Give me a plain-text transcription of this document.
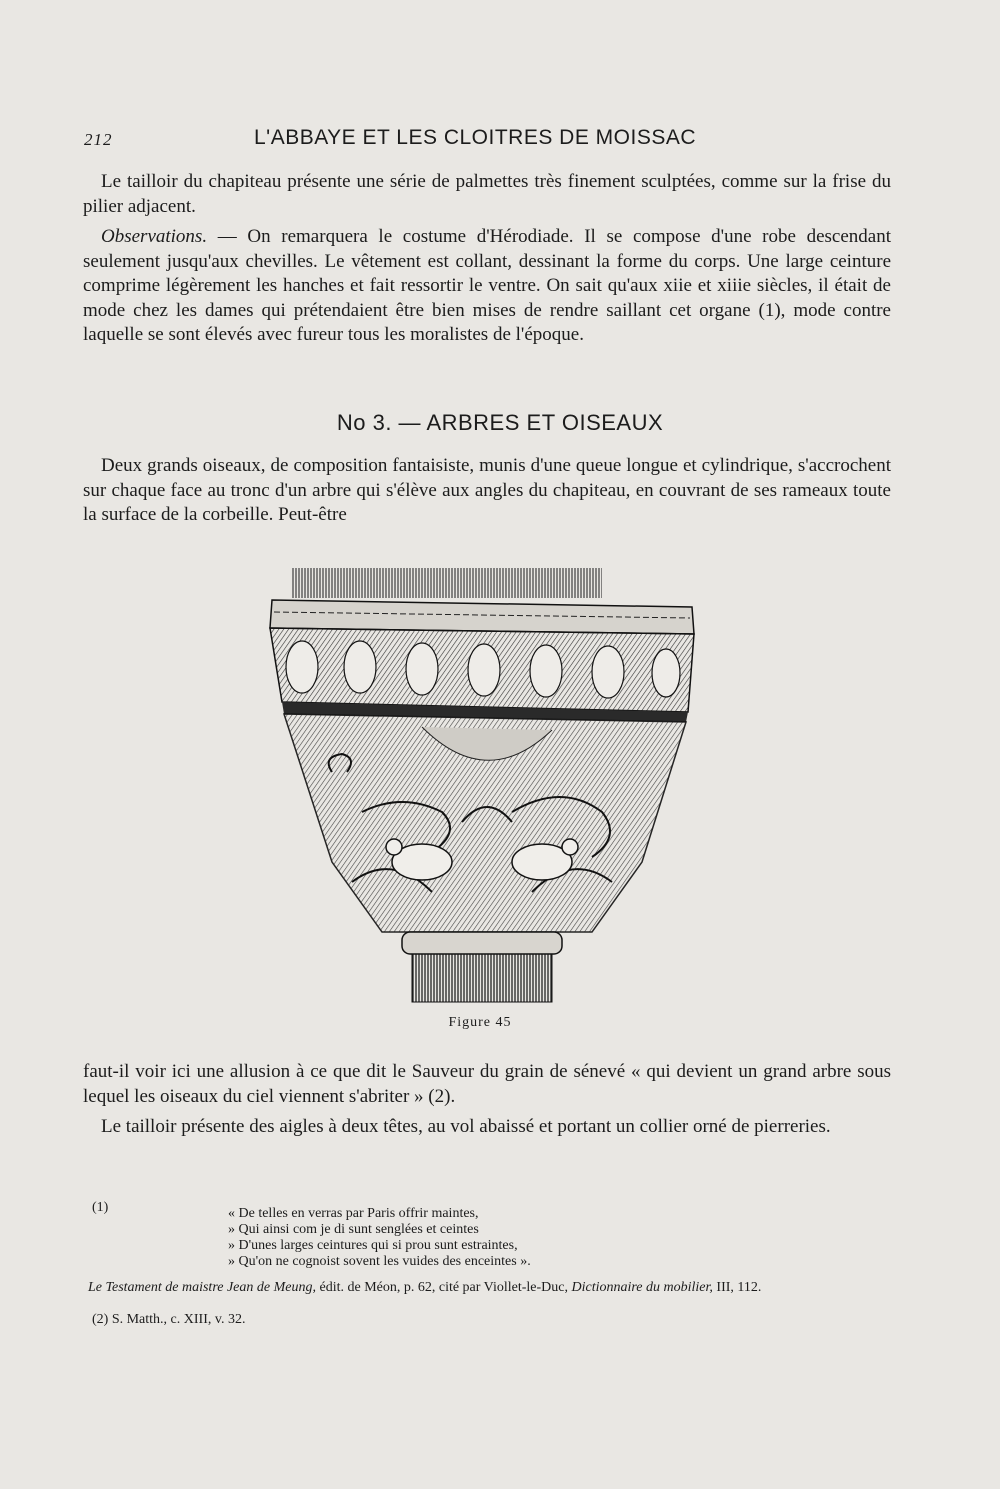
212	L'ABBAYE ET LES CLOITRES DE MOISSAC

Le tailloir du chapiteau présente une série de palmettes très finement sculptées, comme sur la frise du pilier adjacent.

Observations. — On remarquera le costume d'Hérodiade. Il se compose d'une robe descendant seulement jusqu'aux chevilles. Le vêtement est collant, dessinant la forme du corps. Une large ceinture comprime légèrement les hanches et fait ressortir le ventre. On sait qu'aux xiie et xiiie siècles, il était de mode chez les dames qui prétendaient être bien mises de rendre saillant cet organe (1), mode contre laquelle se sont élevés avec fureur tous les moralistes de l'époque.

No 3. — ARBRES ET OISEAUX

Deux grands oiseaux, de composition fantaisiste, munis d'une queue longue et cylindrique, s'accrochent sur chaque face au tronc d'un arbre qui s'élève aux angles du chapiteau, en couvrant de ses rameaux toute la surface de la corbeille. Peut-être

Figure 45

faut-il voir ici une allusion à ce que dit le Sauveur du grain de sénevé « qui devient un grand arbre sous lequel les oiseaux du ciel viennent s'abriter » (2).

Le tailloir présente des aigles à deux têtes, au vol abaissé et portant un collier orné de pierreries.

(1)	« De telles en verras par Paris offrir maintes,
» Qui ainsi com je di sunt senglées et ceintes
» D'unes larges ceintures qui si prou sunt estraintes,
» Qu'on ne cognoist sovent les vuides des enceintes ».
Le Testament de maistre Jean de Meung, édit. de Méon, p. 62, cité par Viollet-le-Duc, Dictionnaire du mobilier, III, 112.
(2) S. Matth., c. XIII, v. 32.
